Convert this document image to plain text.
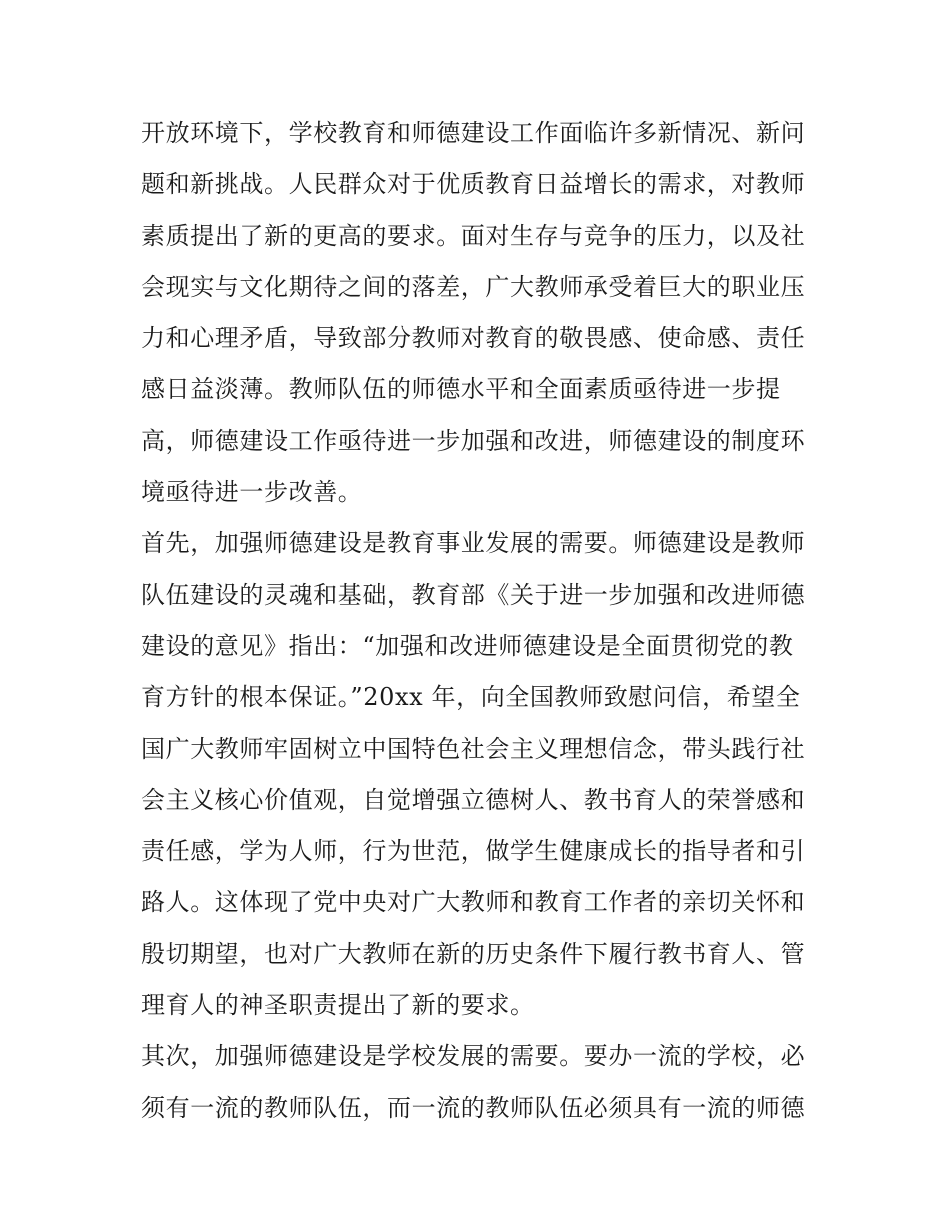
开放环境下，学校教育和师德建设工作面临许多新情况、新问
题和新挑战。人民群众对于优质教育日益增长的需求，对教师
素质提出了新的更高的要求。面对生存与竞争的压力，以及社
会现实与文化期待之间的落差，广大教师承受着巨大的职业压
力和心理矛盾，导致部分教师对教育的敬畏感、使命感、责任
感日益淡薄。教师队伍的师德水平和全面素质亟待进一步提
高，师德建设工作亟待进一步加强和改进，师德建设的制度环
境亟待进一步改善。
首先，加强师德建设是教育事业发展的需要。师德建设是教师
队伍建设的灵魂和基础，教育部《关于进一步加强和改进师德
建设的意见》指出：“加强和改进师德建设是全面贯彻党的教
育方针的根本保证。”20xx 年，向全国教师致慰问信，希望全
国广大教师牢固树立中国特色社会主义理想信念，带头践行社
会主义核心价值观，自觉增强立德树人、教书育人的荣誉感和
责任感，学为人师，行为世范，做学生健康成长的指导者和引
路人。这体现了党中央对广大教师和教育工作者的亲切关怀和
殷切期望，也对广大教师在新的历史条件下履行教书育人、管
理育人的神圣职责提出了新的要求。
其次，加强师德建设是学校发展的需要。要办一流的学校，必
须有一流的教师队伍，而一流的教师队伍必须具有一流的师德
